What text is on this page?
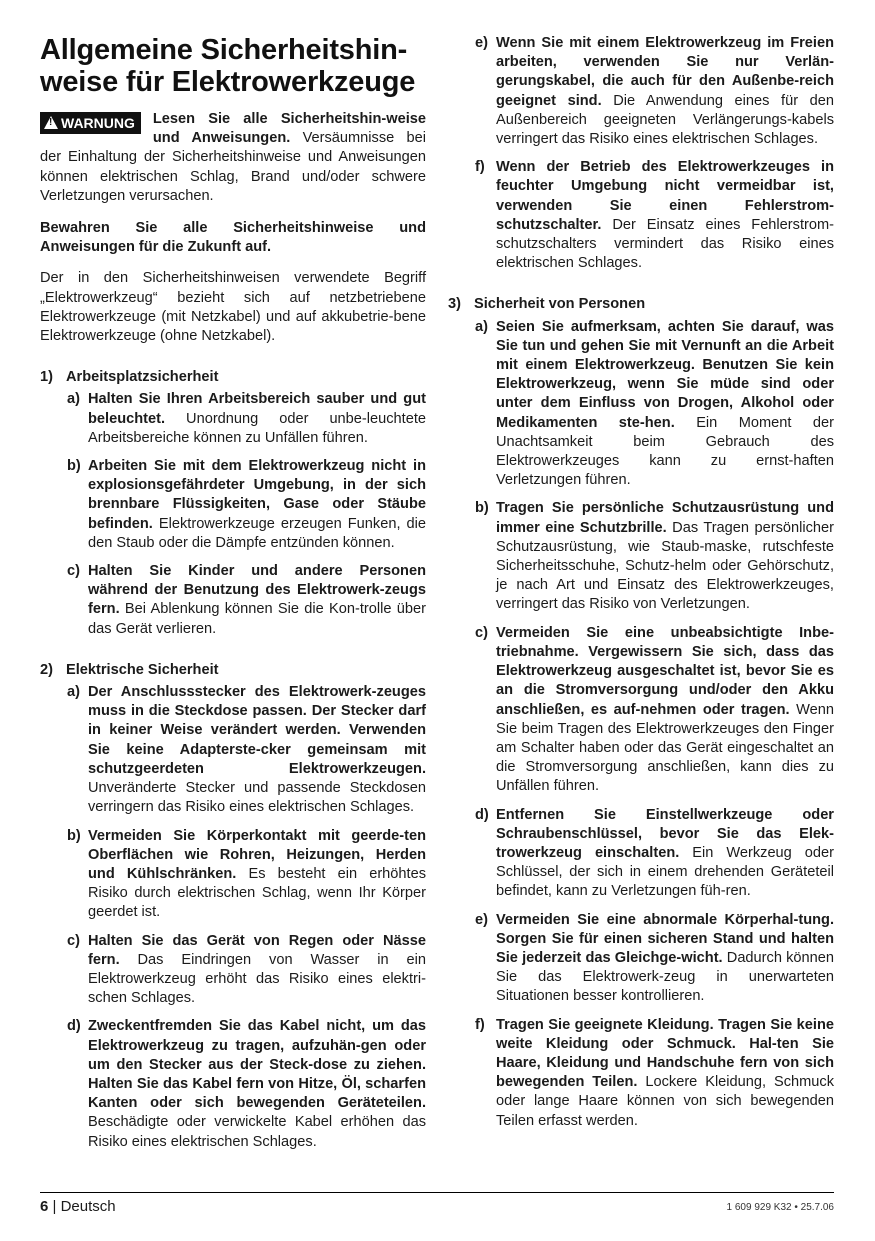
Allgemeine Sicherheitshin-
weise für Elektrowerkzeuge
!WARNUNG	Lesen Sie alle Sicherheitshin-weise und Anweisungen. Versäumnisse bei der Einhaltung der Sicherheitshinweise und Anweisungen können elektrischen Schlag, Brand und/oder schwere Verletzungen verursachen.

Bewahren Sie alle Sicherheitshinweise und Anweisungen für die Zukunft auf.

Der in den Sicherheitshinweisen verwendete Begriff „Elektrowerkzeug“ bezieht sich auf netzbetriebene Elektrowerkzeuge (mit Netzkabel) und auf akkubetrie-bene Elektrowerkzeuge (ohne Netzkabel).

1) Arbeitsplatzsicherheit
a) Halten Sie Ihren Arbeitsbereich sauber und gut beleuchtet. Unordnung oder unbe-leuchtete Arbeitsbereiche können zu Unfällen führen.
b) Arbeiten Sie mit dem Elektrowerkzeug nicht in explosionsgefährdeter Umgebung, in der sich brennbare Flüssigkeiten, Gase oder Stäube befinden. Elektrowerkzeuge erzeugen Funken, die den Staub oder die Dämpfe entzünden können.
c) Halten Sie Kinder und andere Personen während der Benutzung des Elektrowerk-zeugs fern. Bei Ablenkung können Sie die Kon-trolle über das Gerät verlieren.
2) Elektrische Sicherheit
a) Der Anschlussstecker des Elektrowerk-zeuges muss in die Steckdose passen. Der Stecker darf in keiner Weise verändert werden. Verwenden Sie keine Adapterste-cker gemeinsam mit schutzgeerdeten Elektrowerkzeugen. Unveränderte Stecker und passende Steckdosen verringern das Risiko eines elektrischen Schlages.
b) Vermeiden Sie Körperkontakt mit geerde-ten Oberflächen wie Rohren, Heizungen, Herden und Kühlschränken. Es besteht ein erhöhtes Risiko durch elektrischen Schlag, wenn Ihr Körper geerdet ist.
c) Halten Sie das Gerät von Regen oder Nässe fern. Das Eindringen von Wasser in ein Elektrowerkzeug erhöht das Risiko eines elektri-schen Schlages.
d) Zweckentfremden Sie das Kabel nicht, um das Elektrowerkzeug zu tragen, aufzuhän-gen oder um den Stecker aus der Steck-dose zu ziehen. Halten Sie das Kabel fern von Hitze, Öl, scharfen Kanten oder sich bewegenden Geräteteilen. Beschädigte oder verwickelte Kabel erhöhen das Risiko eines elektrischen Schlages.
e) Wenn Sie mit einem Elektrowerkzeug im Freien arbeiten, verwenden Sie nur Verlän-gerungskabel, die auch für den Außenbe-reich geeignet sind. Die Anwendung eines für den Außenbereich geeigneten Verlängerungs-kabels verringert das Risiko eines elektrischen Schlages.
f) Wenn der Betrieb des Elektrowerkzeuges in feuchter Umgebung nicht vermeidbar ist, verwenden Sie einen Fehlerstrom-schutzschalter. Der Einsatz eines Fehlerstrom-schutzschalters vermindert das Risiko eines elektrischen Schlages.
3) Sicherheit von Personen
a) Seien Sie aufmerksam, achten Sie darauf, was Sie tun und gehen Sie mit Vernunft an die Arbeit mit einem Elektrowerkzeug. Benutzen Sie kein Elektrowerkzeug, wenn Sie müde sind oder unter dem Einfluss von Drogen, Alkohol oder Medikamenten ste-hen. Ein Moment der Unachtsamkeit beim Gebrauch des Elektrowerkzeuges kann zu ernst-haften Verletzungen führen.
b) Tragen Sie persönliche Schutzausrüstung und immer eine Schutzbrille. Das Tragen persönlicher Schutzausrüstung, wie Staub-maske, rutschfeste Sicherheitsschuhe, Schutz-helm oder Gehörschutz, je nach Art und Einsatz des Elektrowerkzeuges, verringert das Risiko von Verletzungen.
c) Vermeiden Sie eine unbeabsichtigte Inbe-triebnahme. Vergewissern Sie sich, dass das Elektrowerkzeug ausgeschaltet ist, bevor Sie es an die Stromversorgung und/oder den Akku anschließen, es auf-nehmen oder tragen. Wenn Sie beim Tragen des Elektrowerkzeuges den Finger am Schalter haben oder das Gerät eingeschaltet an die Stromversorgung anschließen, kann dies zu Unfällen führen.
d) Entfernen Sie Einstellwerkzeuge oder Schraubenschlüssel, bevor Sie das Elek-trowerkzeug einschalten. Ein Werkzeug oder Schlüssel, der sich in einem drehenden Geräteteil befindet, kann zu Verletzungen füh-ren.
e) Vermeiden Sie eine abnormale Körperhal-tung. Sorgen Sie für einen sicheren Stand und halten Sie jederzeit das Gleichge-wicht. Dadurch können Sie das Elektrowerk-zeug in unerwarteten Situationen besser kontrollieren.
f) Tragen Sie geeignete Kleidung. Tragen Sie keine weite Kleidung oder Schmuck. Hal-ten Sie Haare, Kleidung und Handschuhe fern von sich bewegenden Teilen. Lockere Kleidung, Schmuck oder lange Haare können von sich bewegenden Teilen erfasst werden.
6 | Deutsch	1 609 929 K32 • 25.7.06
